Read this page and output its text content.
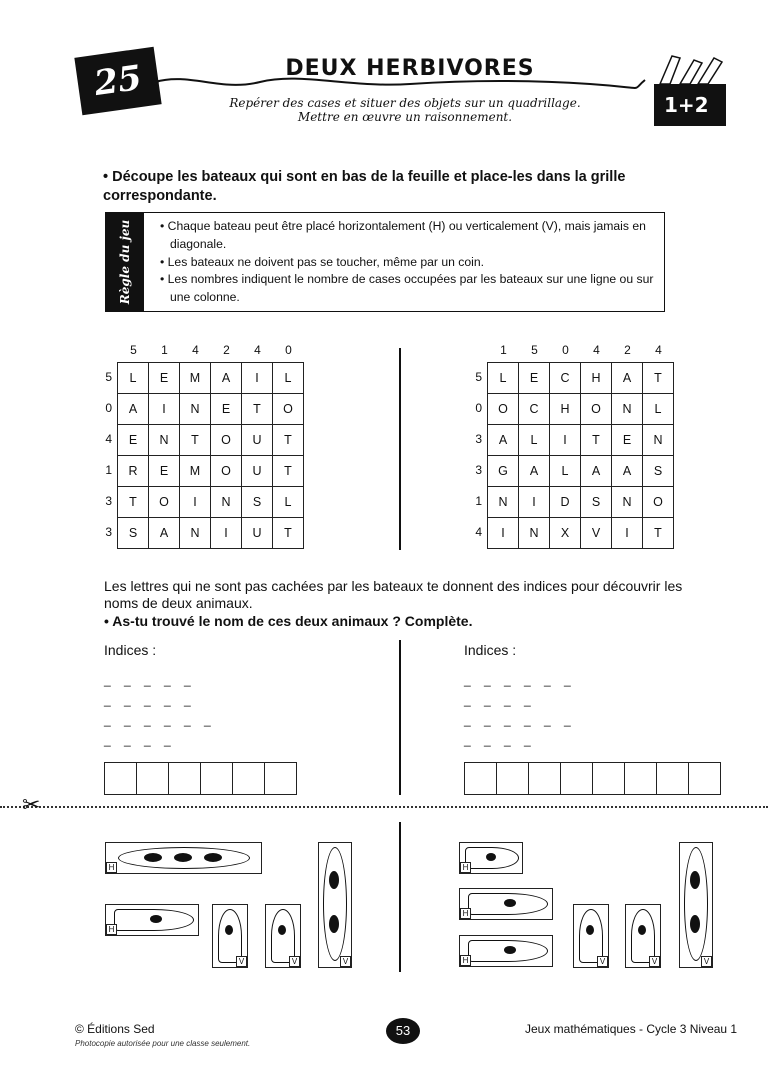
25	DEUX HERBIVORES
Repérer des cases et situer des objets sur un quadrillage.
Mettre en œuvre un raisonnement.	1+2
• Découpe les bateaux qui sont en bas de la feuille et place-les dans la grille correspondante.
Règle du jeu
•	Chaque bateau peut être placé horizontalement (H) ou verticalement (V), mais jamais en diagonale.
• Les bateaux ne doivent pas se toucher, même par un coin.
• Les nombres indiquent le nombre de cases occupées par les bateaux sur une ligne ou sur une colonne.
5	1	4	2	4	0
5
0
4
1
3
3
L	E	M	A	I	L
A	I	N	E	T	O
E	N	T	O	U	T
R	E	M	O	U	T
T	O	I	N	S	L
S	A	N	I	U	T
1	5	0	4	2	4
5
0
3
3
1
4
L	E	C	H	A	T
O	C	H	O	N	L
A	L	I	T	E	N
G	A	L	A	A	S
N	I	D	S	N	O
I	N	X	V	I	T
Les lettres qui ne sont pas cachées par les bateaux te donnent des indices pour découvrir les noms de deux animaux.
• As-tu trouvé le nom de ces deux animaux ? Complète.
Indices :
_ _ _ _ _
_ _ _ _ _
_ _ _ _ _ _
_ _ _ _
Indices :
_ _ _ _ _ _
_ _ _ _
_ _ _ _ _ _
_ _ _ _
✂
H
H
V	V	V
H
H
H	V	V	V
© Éditions Sed
Photocopie autorisée pour une classe seulement.
53	Jeux mathématiques - Cycle 3 Niveau 1
